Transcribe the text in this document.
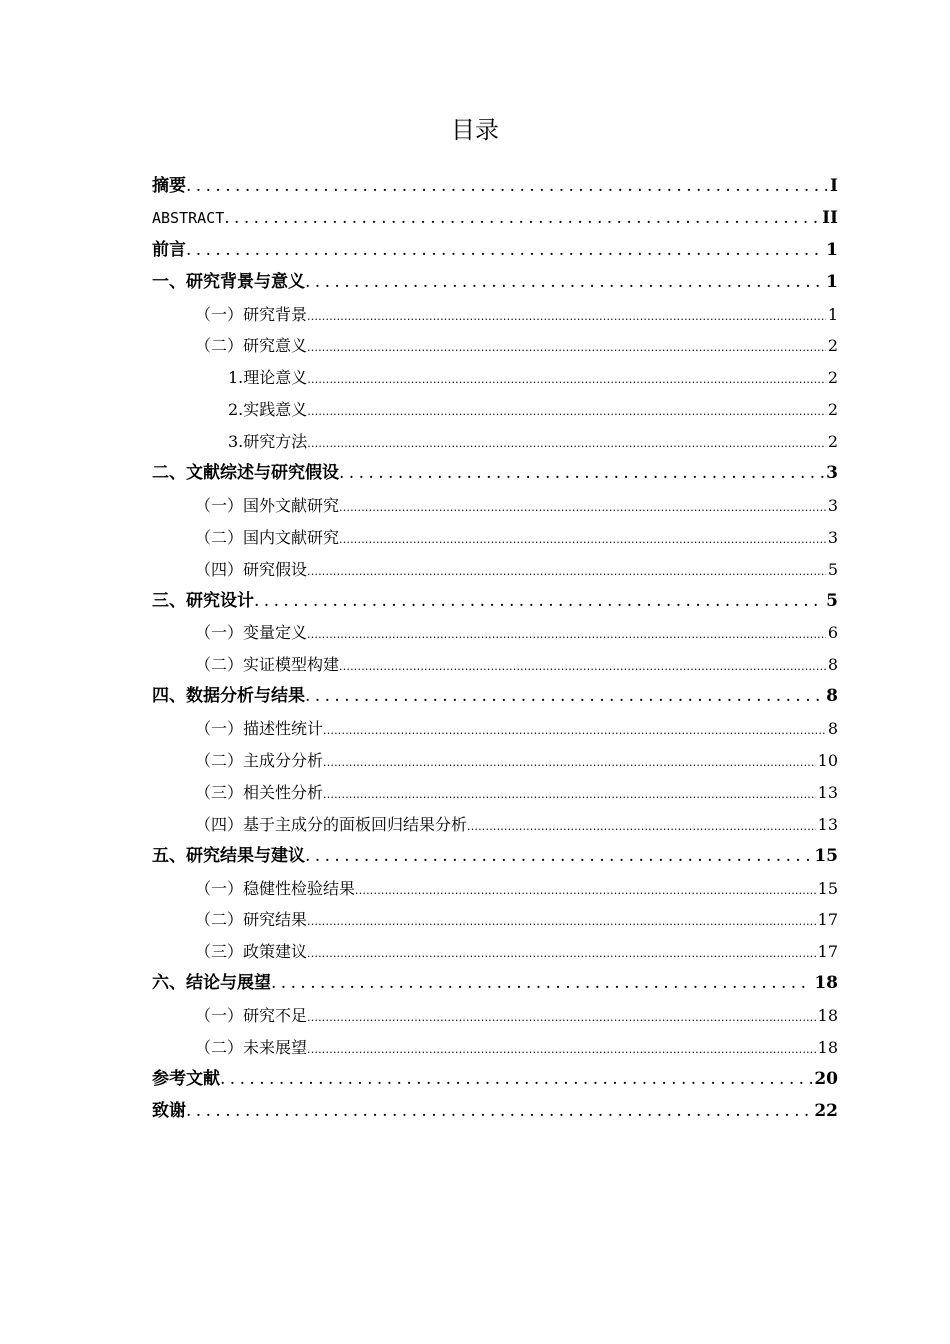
目录
摘要 . . .	I
ABSTRACT . . .	II
前言 . . .	1
一、研究背景与意义 . . .	1
（一）研究背景 .....	1
（二）研究意义 .....	2
1.理论意义 .....	2
2.实践意义 .....	2
3.研究方法 .....	2
二、文献综述与研究假设 . . .	3
（一）国外文献研究 .....	3
（二）国内文献研究 .....	3
（四）研究假设 .....	5
三、研究设计 . . .	5
（一）变量定义 .....	6
（二）实证模型构建 .....	8
四、数据分析与结果 . . .	8
（一）描述性统计 .....	8
（二）主成分分析 .....	10
（三）相关性分析 .....	13
（四）基于主成分的面板回归结果分析 .....	13
五、研究结果与建议 . . .	15
（一）稳健性检验结果 .....	15
（二）研究结果 .....	17
（三）政策建议 .....	17
六、结论与展望 . . .	18
（一）研究不足 .....	18
（二）未来展望 .....	18
参考文献 . . .	20
致谢 . . .	22
